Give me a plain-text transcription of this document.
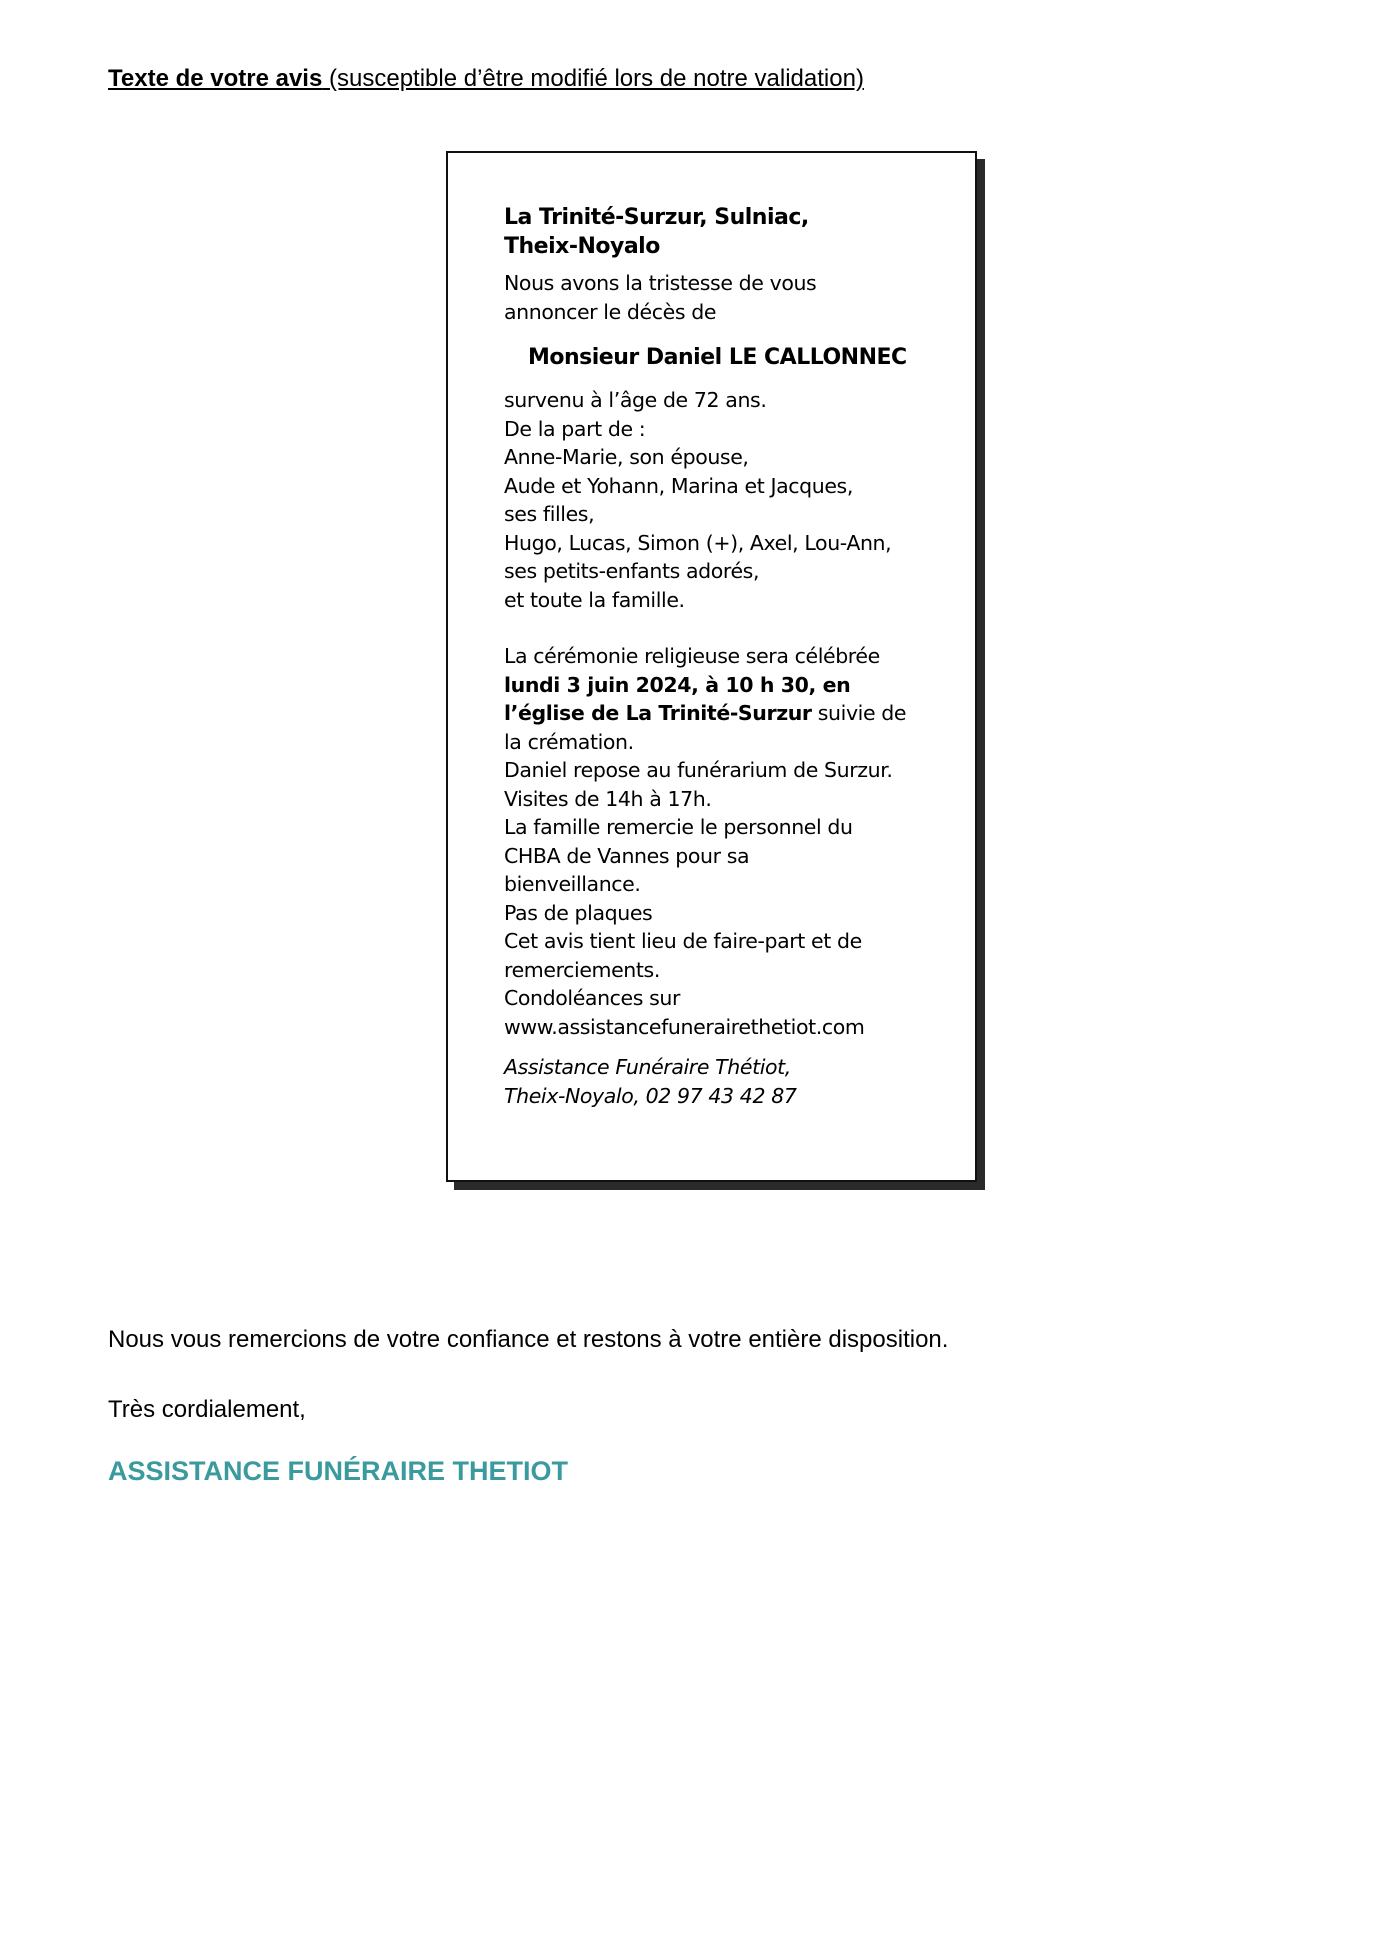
Texte de votre avis (susceptible d’être modifié lors de notre validation)
La Trinité-Surzur, Sulniac,
Theix-Noyalo
Nous avons la tristesse de vous
annoncer le décès de
Monsieur Daniel LE CALLONNEC
survenu à l’âge de 72 ans.
De la part de :
Anne-Marie, son épouse,
Aude et Yohann, Marina et Jacques,
ses filles,
Hugo, Lucas, Simon (+), Axel, Lou-Ann,
ses petits-enfants adorés,
et toute la famille.
La cérémonie religieuse sera célébrée
lundi 3 juin 2024, à 10 h 30, en
l’église de La Trinité-Surzur suivie de
la crémation.
Daniel repose au funérarium de Surzur.
Visites de 14h à 17h.
La famille remercie le personnel du
CHBA de Vannes pour sa
bienveillance.
Pas de plaques
Cet avis tient lieu de faire-part et de
remerciements.
Condoléances sur
www.assistancefunerairethetiot.com
Assistance Funéraire Thétiot,
Theix-Noyalo, 02 97 43 42 87
Nous vous remercions de votre confiance et restons à votre entière disposition.
Très cordialement,
ASSISTANCE FUNÉRAIRE THETIOT
